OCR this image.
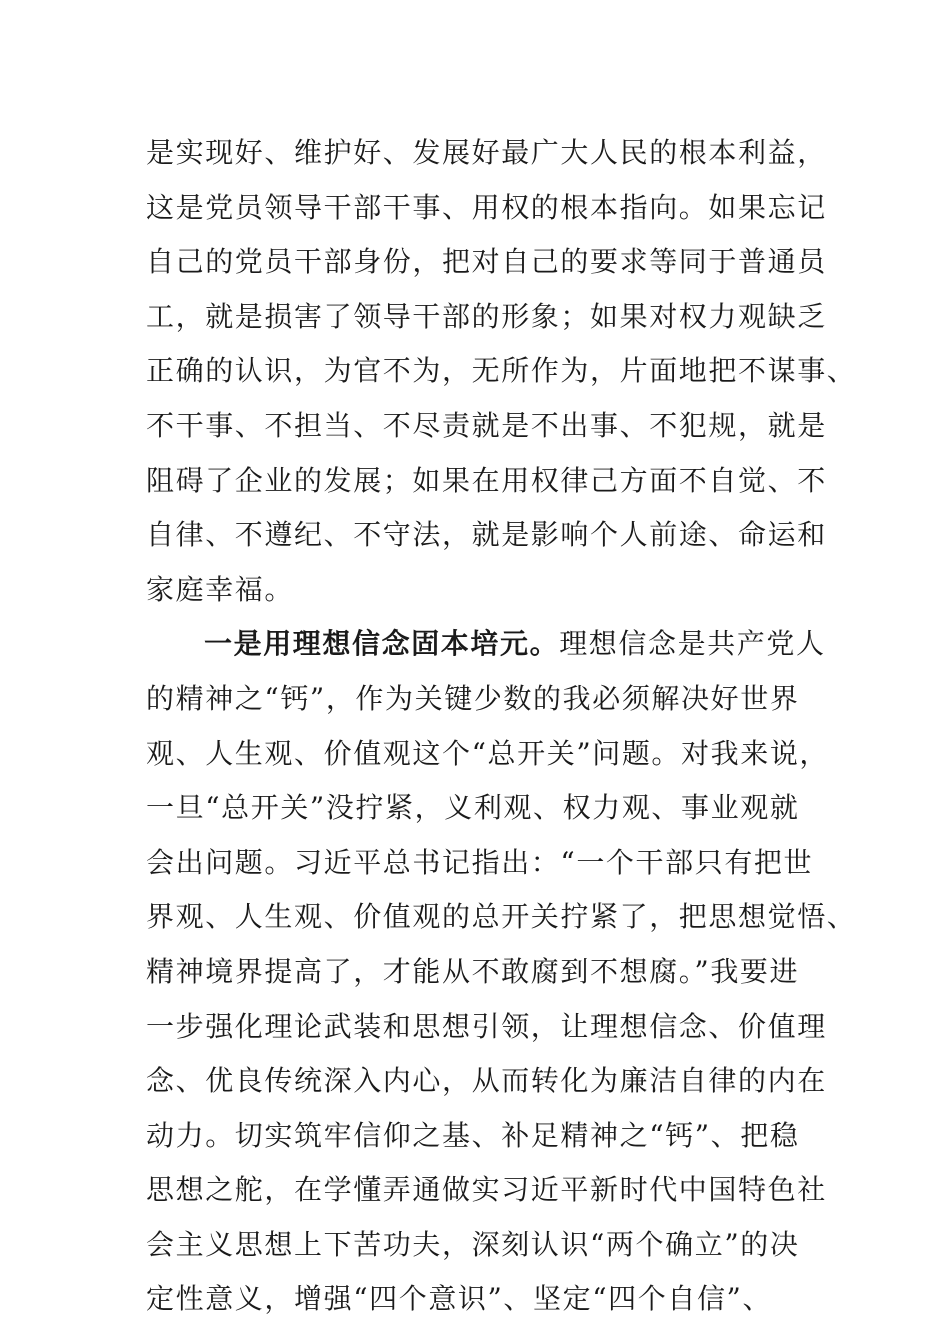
是实现好、维护好、发展好最广大人民的根本利益，
这是党员领导干部干事、用权的根本指向。如果忘记
自己的党员干部身份，把对自己的要求等同于普通员
工，就是损害了领导干部的形象；如果对权力观缺乏
正确的认识，为官不为，无所作为，片面地把不谋事、
不干事、不担当、不尽责就是不出事、不犯规，就是
阻碍了企业的发展；如果在用权律己方面不自觉、不
自律、不遵纪、不守法，就是影响个人前途、命运和
家庭幸福。
一是用理想信念固本培元。理想信念是共产党人
的精神之“钙”，作为关键少数的我必须解决好世界
观、人生观、价值观这个“总开关”问题。对我来说，
一旦“总开关”没拧紧，义利观、权力观、事业观就
会出问题。习近平总书记指出：“一个干部只有把世
界观、人生观、价值观的总开关拧紧了，把思想觉悟、
精神境界提高了，才能从不敢腐到不想腐。”我要进
一步强化理论武装和思想引领，让理想信念、价值理
念、优良传统深入内心，从而转化为廉洁自律的内在
动力。切实筑牢信仰之基、补足精神之“钙”、把稳
思想之舵，在学懂弄通做实习近平新时代中国特色社
会主义思想上下苦功夫，深刻认识“两个确立”的决
定性意义，增强“四个意识”、坚定“四个自信”、
